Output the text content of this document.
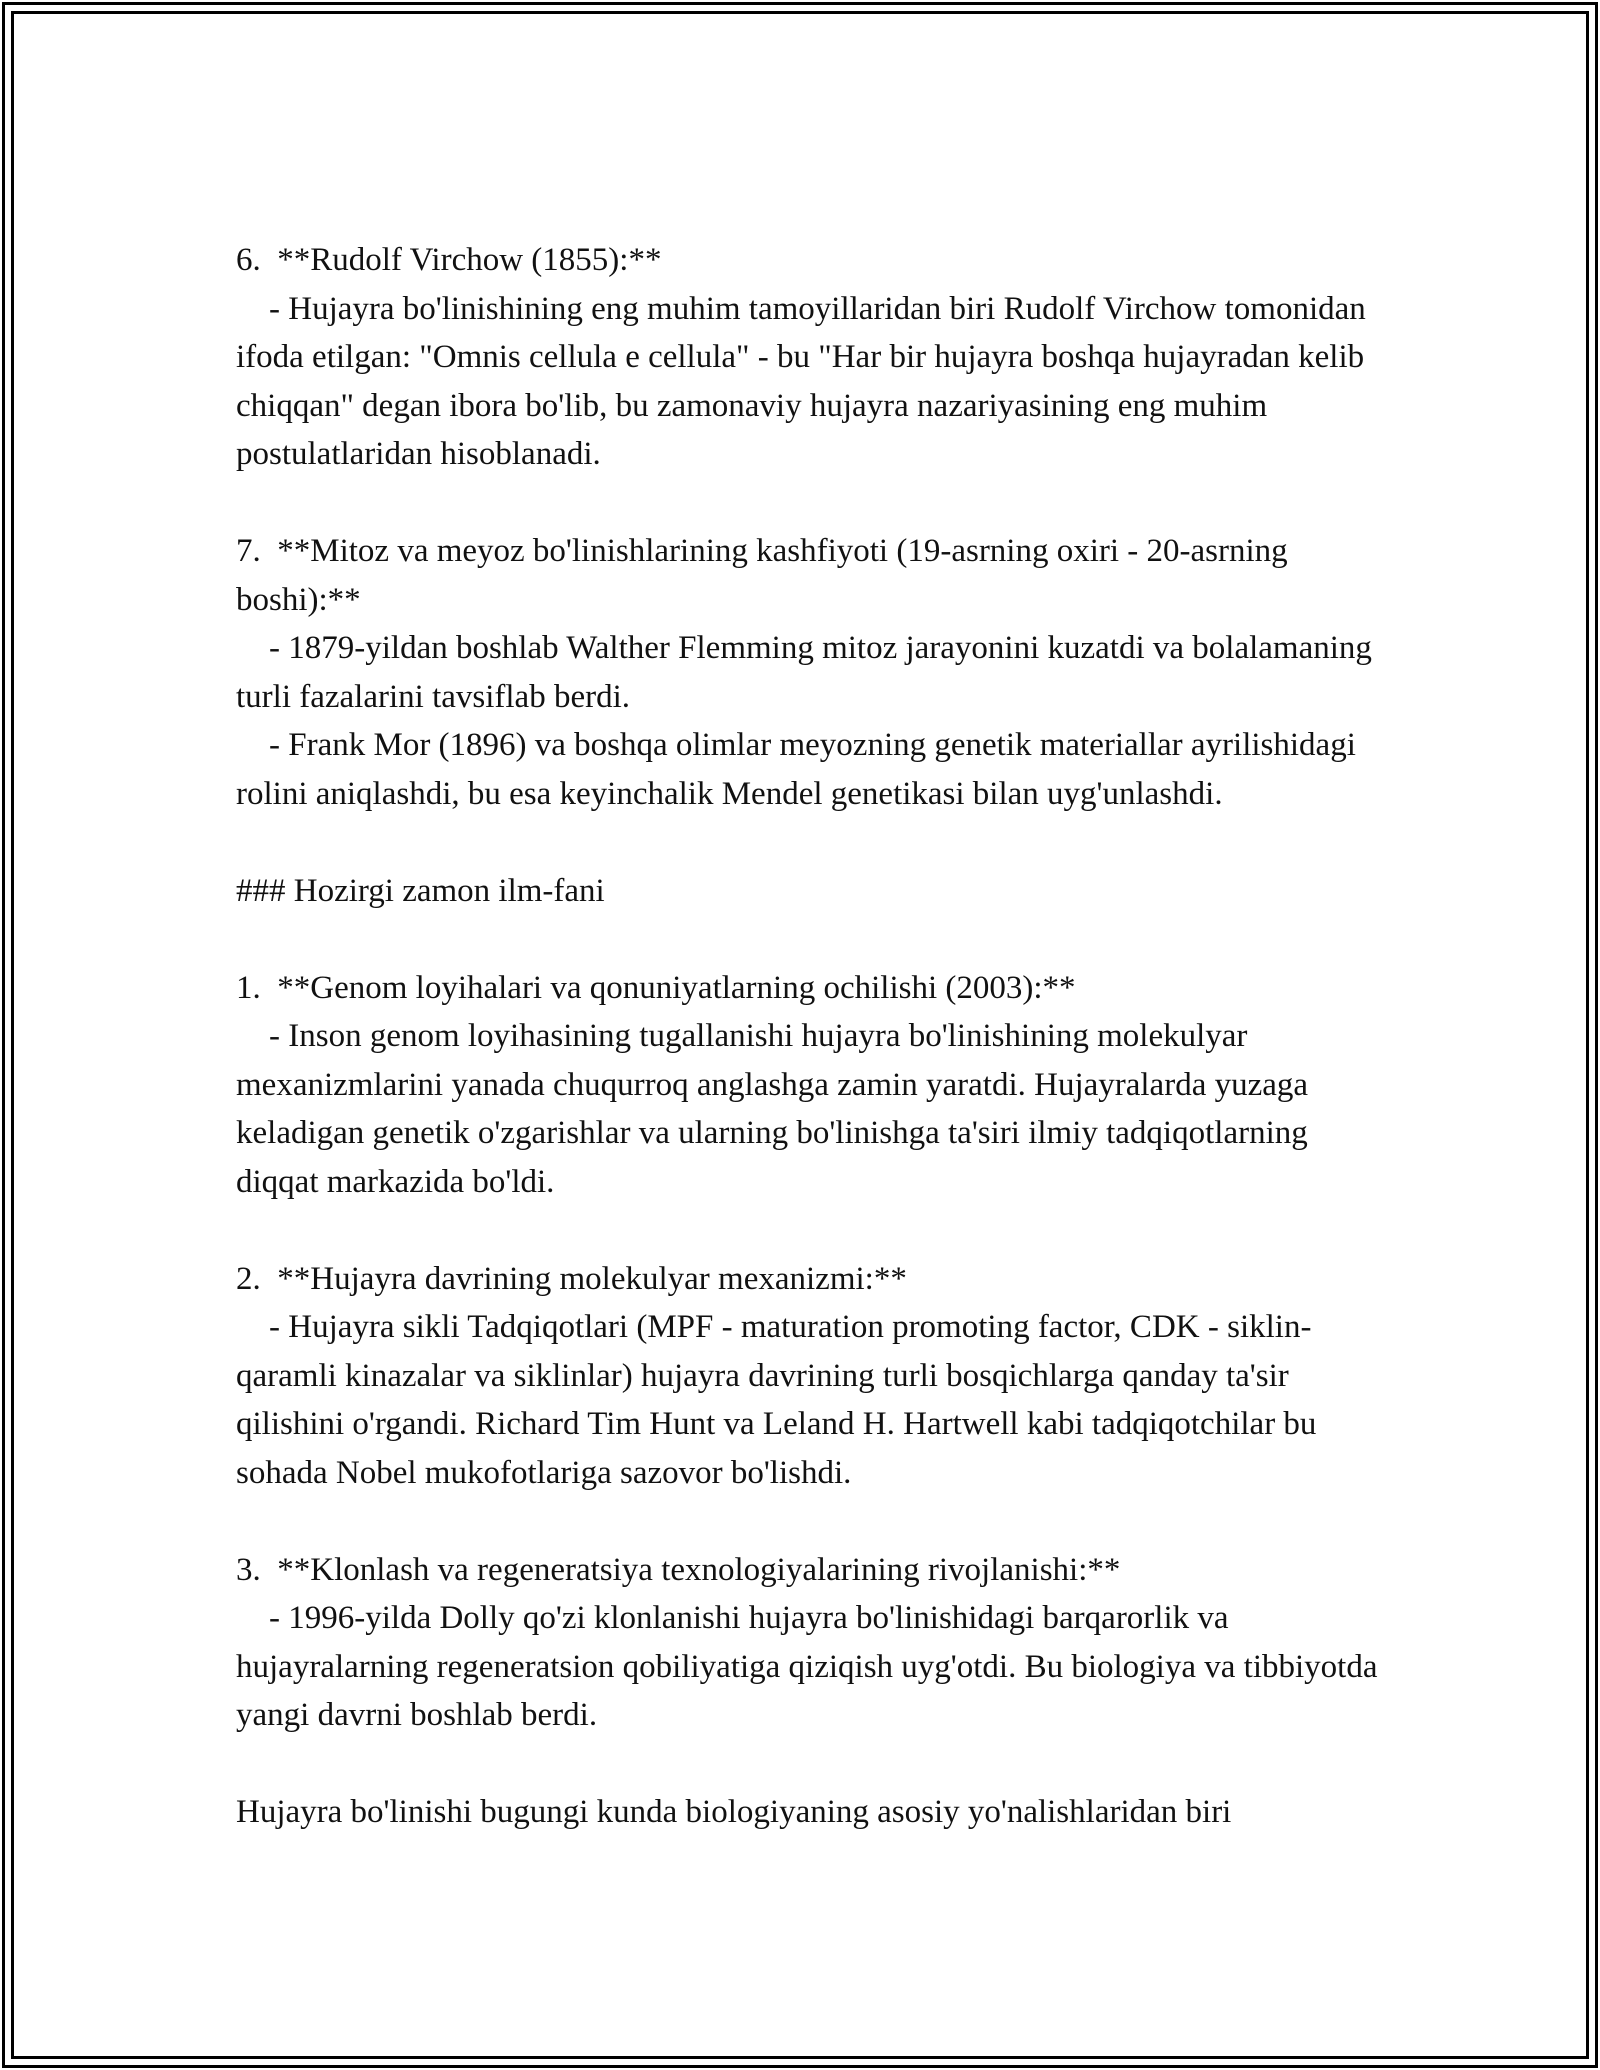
6.  **Rudolf Virchow (1855):**

- Hujayra bo'linishining eng muhim tamoyillaridan biri Rudolf Virchow tomonidan ifoda etilgan: "Omnis cellula e cellula" - bu "Har bir hujayra boshqa hujayradan kelib chiqqan" degan ibora bo'lib, bu zamonaviy hujayra nazariyasining eng muhim postulatlaridan hisoblanadi.

7.  **Mitoz va meyoz bo'linishlarining kashfiyoti (19-asrning oxiri - 20-asrning boshi):**

- 1879-yildan boshlab Walther Flemming mitoz jarayonini kuzatdi va bolalamaning turli fazalarini tavsiflab berdi.

- Frank Mor (1896) va boshqa olimlar meyozning genetik materiallar ayrilishidagi rolini aniqlashdi, bu esa keyinchalik Mendel genetikasi bilan uyg'unlashdi.

### Hozirgi zamon ilm-fani

1.  **Genom loyihalari va qonuniyatlarning ochilishi (2003):**

- Inson genom loyihasining tugallanishi hujayra bo'linishining molekulyar mexanizmlarini yanada chuqurroq anglashga zamin yaratdi. Hujayralarda yuzaga keladigan genetik o'zgarishlar va ularning bo'linishga ta'siri ilmiy tadqiqotlarning diqqat markazida bo'ldi.

2.  **Hujayra davrining molekulyar mexanizmi:**

- Hujayra sikli Tadqiqotlari (MPF - maturation promoting factor, CDK - siklin-qaramli kinazalar va siklinlar) hujayra davrining turli bosqichlarga qanday ta'sir qilishini o'rgandi. Richard Tim Hunt va Leland H. Hartwell kabi tadqiqotchilar bu sohada Nobel mukofotlariga sazovor bo'lishdi.

3.  **Klonlash va regeneratsiya texnologiyalarining rivojlanishi:**

- 1996-yilda Dolly qo'zi klonlanishi hujayra bo'linishidagi barqarorlik va hujayralarning regeneratsion qobiliyatiga qiziqish uyg'otdi. Bu biologiya va tibbiyotda yangi davrni boshlab berdi.

Hujayra bo'linishi bugungi kunda biologiyaning asosiy yo'nalishlaridan biri
